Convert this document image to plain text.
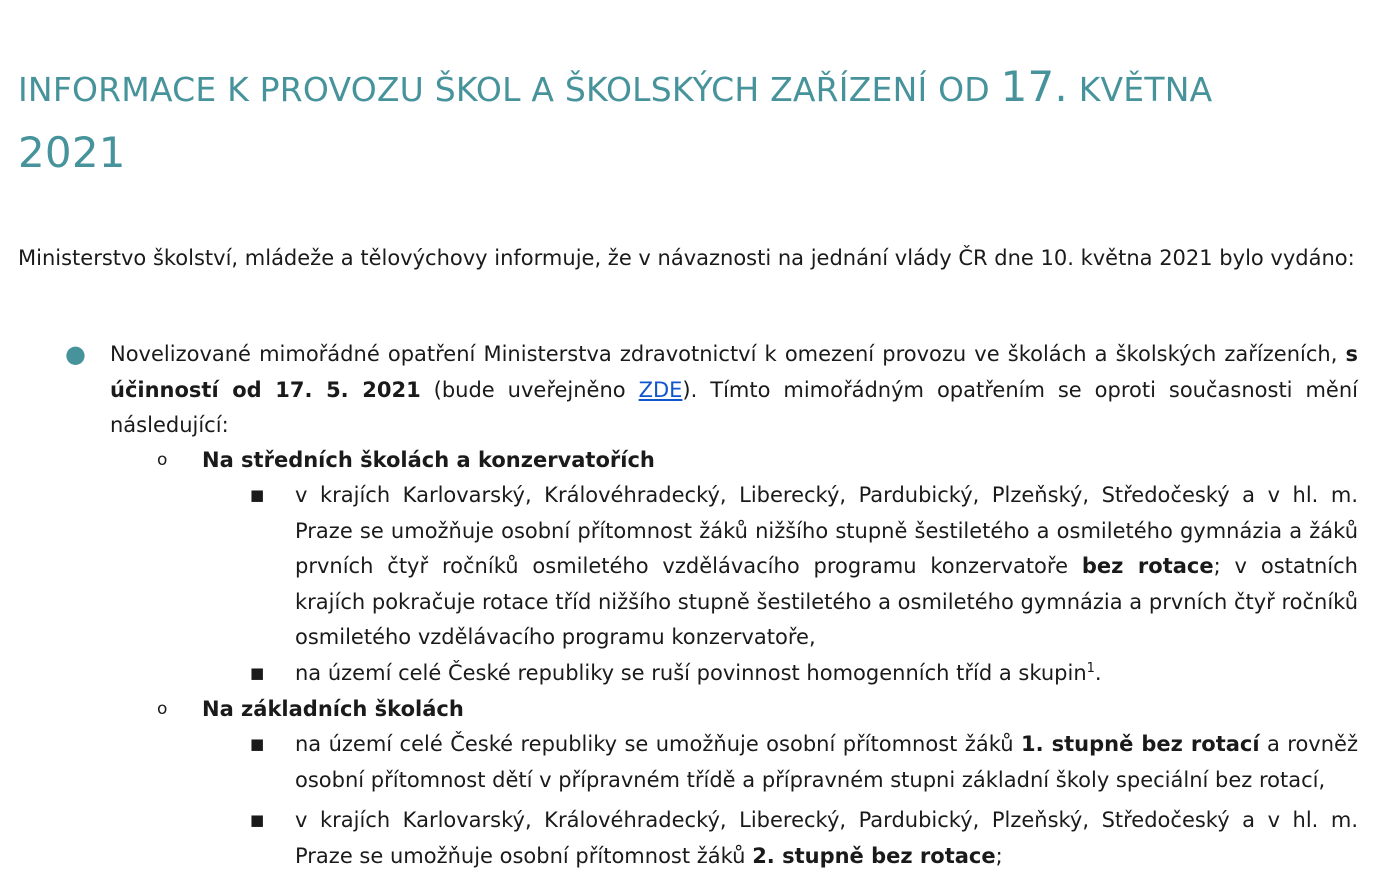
INFORMACE K PROVOZU ŠKOL A ŠKOLSKÝCH ZAŘÍZENÍ OD 17. KVĚTNA
2021

Ministerstvo školství, mládeže a tělovýchovy informuje, že v návaznosti na jednání vlády ČR dne 10. května 2021 bylo vydáno:

● Novelizované mimořádné opatření Ministerstva zdravotnictví k omezení provozu ve školách a školských zařízeních, s účinností od 17. 5. 2021 (bude uveřejněno ZDE). Tímto mimořádným opatřením se oproti současnosti mění následující:
o Na středních školách a konzervatořích
■ v krajích Karlovarský, Královéhradecký, Liberecký, Pardubický, Plzeňský, Středočeský a v hl. m. Praze se umožňuje osobní přítomnost žáků nižšího stupně šestiletého a osmiletého gymnázia a žáků prvních čtyř ročníků osmiletého vzdělávacího programu konzervatoře bez rotace; v ostatních krajích pokračuje rotace tříd nižšího stupně šestiletého a osmiletého gymnázia a prvních čtyř ročníků osmiletého vzdělávacího programu konzervatoře,
■ na území celé České republiky se ruší povinnost homogenních tříd a skupin$^1$.
o Na základních školách
■ na území celé České republiky se umožňuje osobní přítomnost žáků 1. stupně bez rotací a rovněž osobní přítomnost dětí v přípravném třídě a přípravném stupni základní školy speciální bez rotací,
■ v krajích Karlovarský, Královéhradecký, Liberecký, Pardubický, Plzeňský, Středočeský a v hl. m. Praze se umožňuje osobní přítomnost žáků 2. stupně bez rotace;
